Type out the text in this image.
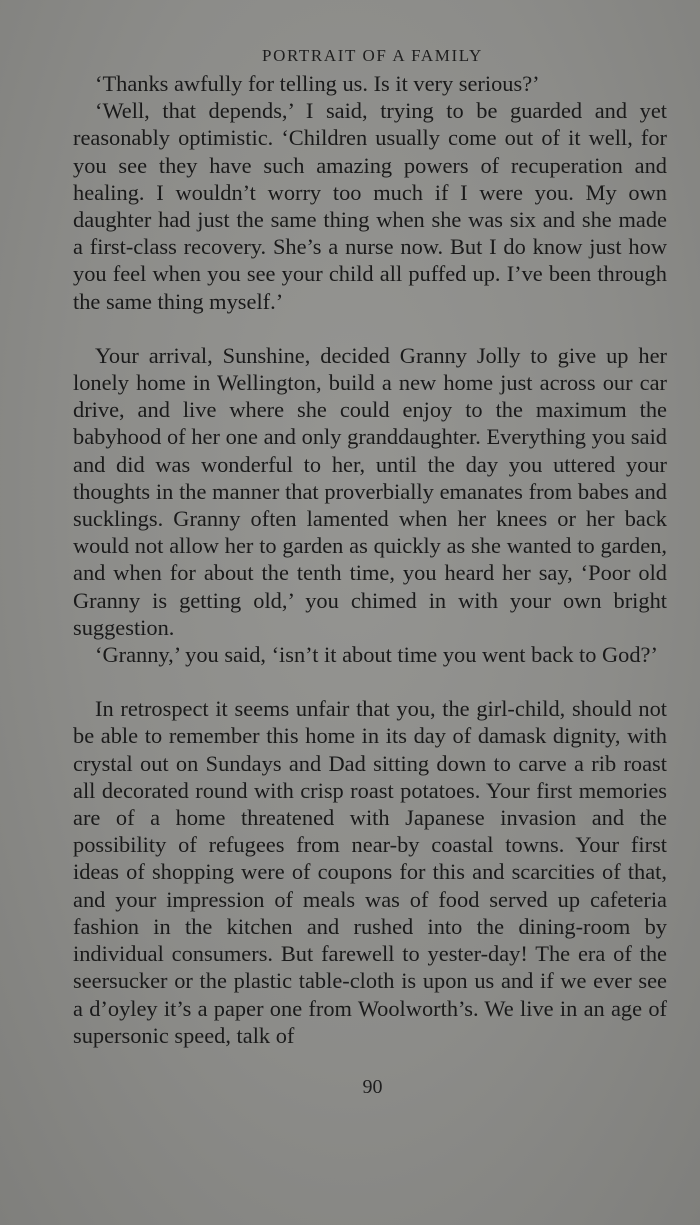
PORTRAIT OF A FAMILY

‘Thanks awfully for telling us. Is it very serious?’

‘Well, that depends,’ I said, trying to be guarded and yet reasonably optimistic. ‘Children usually come out of it well, for you see they have such amazing powers of recuperation and healing. I wouldn’t worry too much if I were you. My own daughter had just the same thing when she was six and she made a first-class recovery. She’s a nurse now. But I do know just how you feel when you see your child all puffed up. I’ve been through the same thing myself.’

Your arrival, Sunshine, decided Granny Jolly to give up her lonely home in Wellington, build a new home just across our car drive, and live where she could enjoy to the maximum the babyhood of her one and only granddaughter. Everything you said and did was wonderful to her, until the day you uttered your thoughts in the manner that proverbially emanates from babes and sucklings. Granny often lamented when her knees or her back would not allow her to garden as quickly as she wanted to garden, and when for about the tenth time, you heard her say, ‘Poor old Granny is getting old,’ you chimed in with your own bright suggestion.

‘Granny,’ you said, ‘isn’t it about time you went back to God?’

In retrospect it seems unfair that you, the girl-child, should not be able to remember this home in its day of damask dignity, with crystal out on Sundays and Dad sitting down to carve a rib roast all decorated round with crisp roast potatoes. Your first memories are of a home threatened with Japanese invasion and the possibility of refugees from near-by coastal towns. Your first ideas of shopping were of coupons for this and scarcities of that, and your impression of meals was of food served up cafeteria fashion in the kitchen and rushed into the dining-room by individual consumers. But farewell to yester-day! The era of the seersucker or the plastic table-cloth is upon us and if we ever see a d’oyley it’s a paper one from Woolworth’s. We live in an age of supersonic speed, talk of

90
